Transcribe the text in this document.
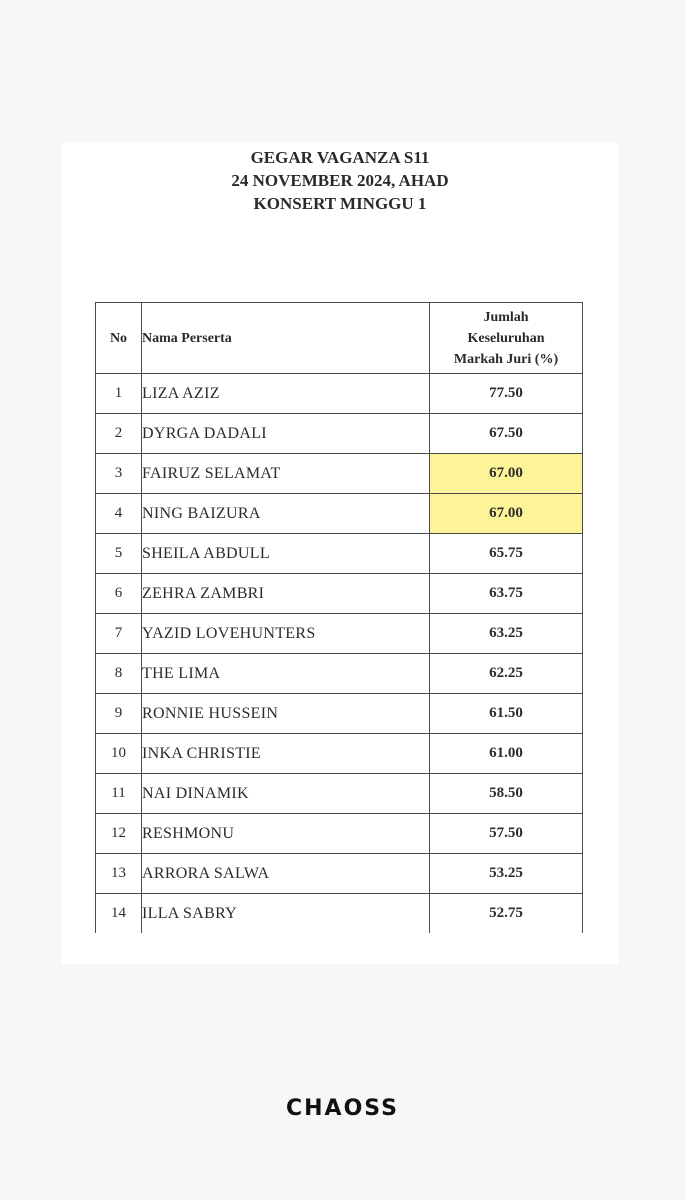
GEGAR VAGANZA S11
24 NOVEMBER 2024, AHAD
KONSERT MINGGU 1
No	Nama Perserta	Jumlah
Keseluruhan
Markah Juri (%)

1	LIZA AZIZ	77.50
2	DYRGA DADALI	67.50
3	FAIRUZ SELAMAT	67.00
4	NING BAIZURA	67.00
5	SHEILA ABDULL	65.75
6	ZEHRA ZAMBRI	63.75
7	YAZID LOVEHUNTERS	63.25
8	THE LIMA	62.25
9	RONNIE HUSSEIN	61.50
10	INKA CHRISTIE	61.00
11	NAI DINAMIK	58.50
12	RESHMONU	57.50
13	ARRORA SALWA	53.25
14	ILLA SABRY	52.75
CHAOSS
